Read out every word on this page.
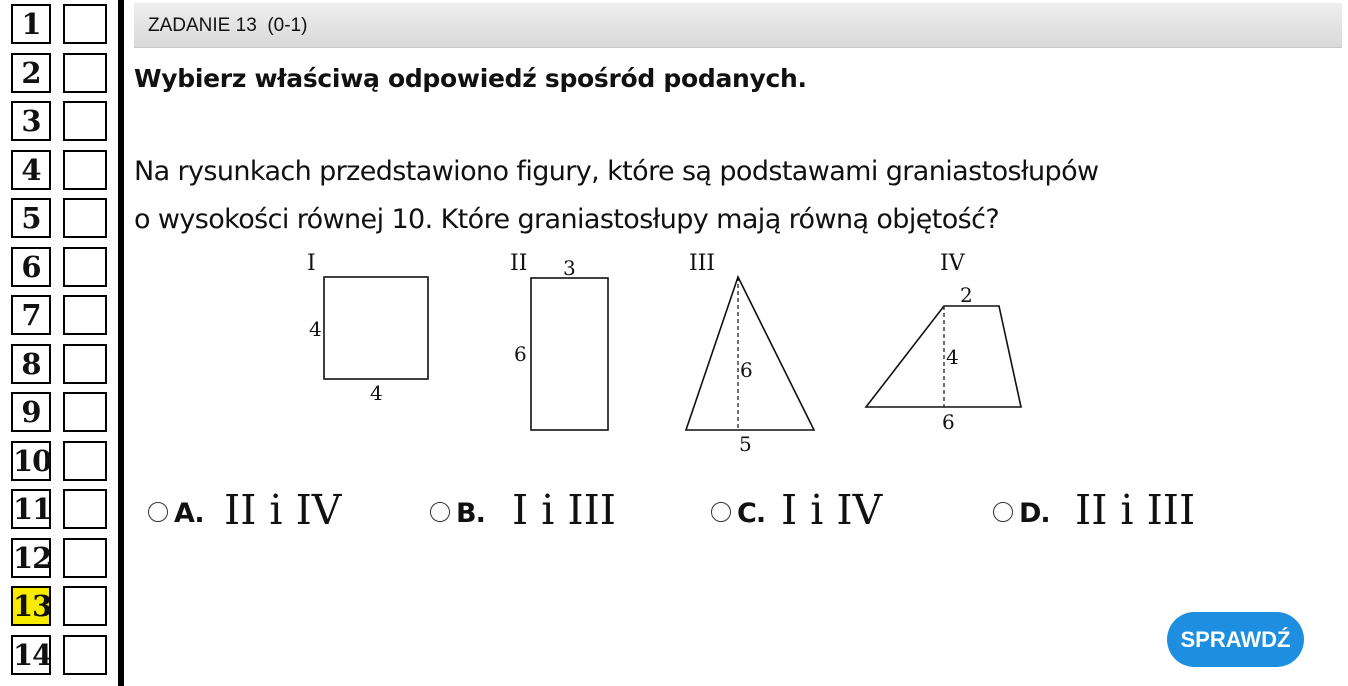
1
2
3
4
5
6
7
8
9
10
11
12
13
14
ZADANIE 13  (0-1)
Wybierz właściwą odpowiedź spośród podanych.
Na rysunkach przedstawiono figury, które są podstawami graniastosłupów
o wysokości równej 10. Które graniastosłupy mają równą objętość?
I
4
4
II 3
6
III
6
5
IV
2
4
6
A. II i IV	B. I i III	C. I i IV	D. II i III
SPRAWDŹ
